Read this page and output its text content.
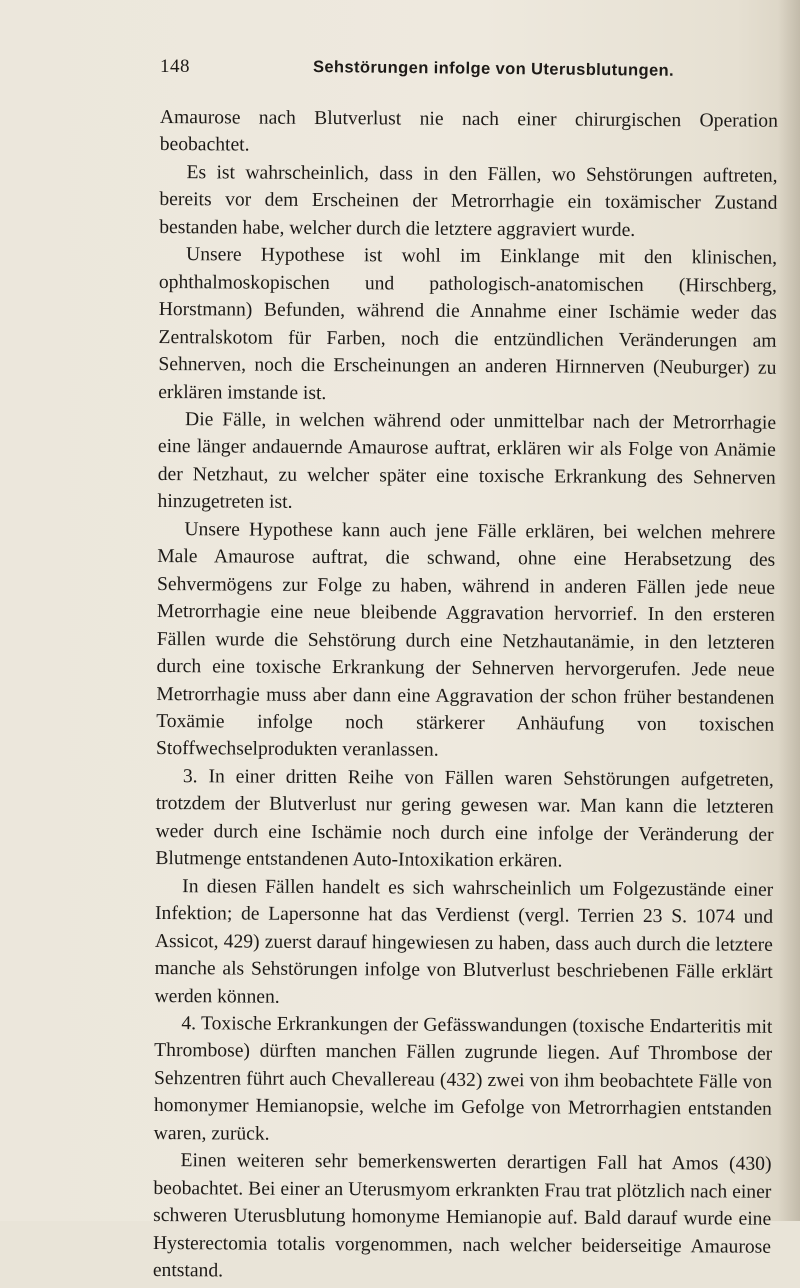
148	Sehstörungen infolge von Uterusblutungen.

Amaurose nach Blutverlust nie nach einer chirurgischen Operation beobachtet.

Es ist wahrscheinlich, dass in den Fällen, wo Sehstörungen auftreten, bereits vor dem Erscheinen der Metrorrhagie ein toxämischer Zustand bestanden habe, welcher durch die letztere aggraviert wurde.

Unsere Hypothese ist wohl im Einklange mit den klinischen, ophthalmoskopischen und pathologisch-anatomischen (Hirschberg, Horstmann) Befunden, während die Annahme einer Ischämie weder das Zentralskotom für Farben, noch die entzündlichen Veränderungen am Sehnerven, noch die Erscheinungen an anderen Hirnnerven (Neuburger) zu erklären imstande ist.

Die Fälle, in welchen während oder unmittelbar nach der Metrorrhagie eine länger andauernde Amaurose auftrat, erklären wir als Folge von Anämie der Netzhaut, zu welcher später eine toxische Erkrankung des Sehnerven hinzugetreten ist.

Unsere Hypothese kann auch jene Fälle erklären, bei welchen mehrere Male Amaurose auftrat, die schwand, ohne eine Herabsetzung des Sehvermögens zur Folge zu haben, während in anderen Fällen jede neue Metrorrhagie eine neue bleibende Aggravation hervorrief. In den ersteren Fällen wurde die Sehstörung durch eine Netzhautanämie, in den letzteren durch eine toxische Erkrankung der Sehnerven hervorgerufen. Jede neue Metrorrhagie muss aber dann eine Aggravation der schon früher bestandenen Toxämie infolge noch stärkerer Anhäufung von toxischen Stoffwechselprodukten veranlassen.

3. In einer dritten Reihe von Fällen waren Sehstörungen aufgetreten, trotzdem der Blutverlust nur gering gewesen war. Man kann die letzteren weder durch eine Ischämie noch durch eine infolge der Veränderung der Blutmenge entstandenen Auto-Intoxikation erkären.

In diesen Fällen handelt es sich wahrscheinlich um Folgezustände einer Infektion; de Lapersonne hat das Verdienst (vergl. Terrien 23 S. 1074 und Assicot, 429) zuerst darauf hingewiesen zu haben, dass auch durch die letztere manche als Sehstörungen infolge von Blutverlust beschriebenen Fälle erklärt werden können.

4. Toxische Erkrankungen der Gefässwandungen (toxische Endarteritis mit Thrombose) dürften manchen Fällen zugrunde liegen. Auf Thrombose der Sehzentren führt auch Chevallereau (432) zwei von ihm beobachtete Fälle von homonymer Hemianopsie, welche im Gefolge von Metrorrhagien entstanden waren, zurück.

Einen weiteren sehr bemerkenswerten derartigen Fall hat Amos (430) beobachtet. Bei einer an Uterusmyom erkrankten Frau trat plötzlich nach einer schweren Uterusblutung homonyme Hemianopie auf. Bald darauf wurde eine Hysterectomia totalis vorgenommen, nach welcher beiderseitige Amaurose entstand.
